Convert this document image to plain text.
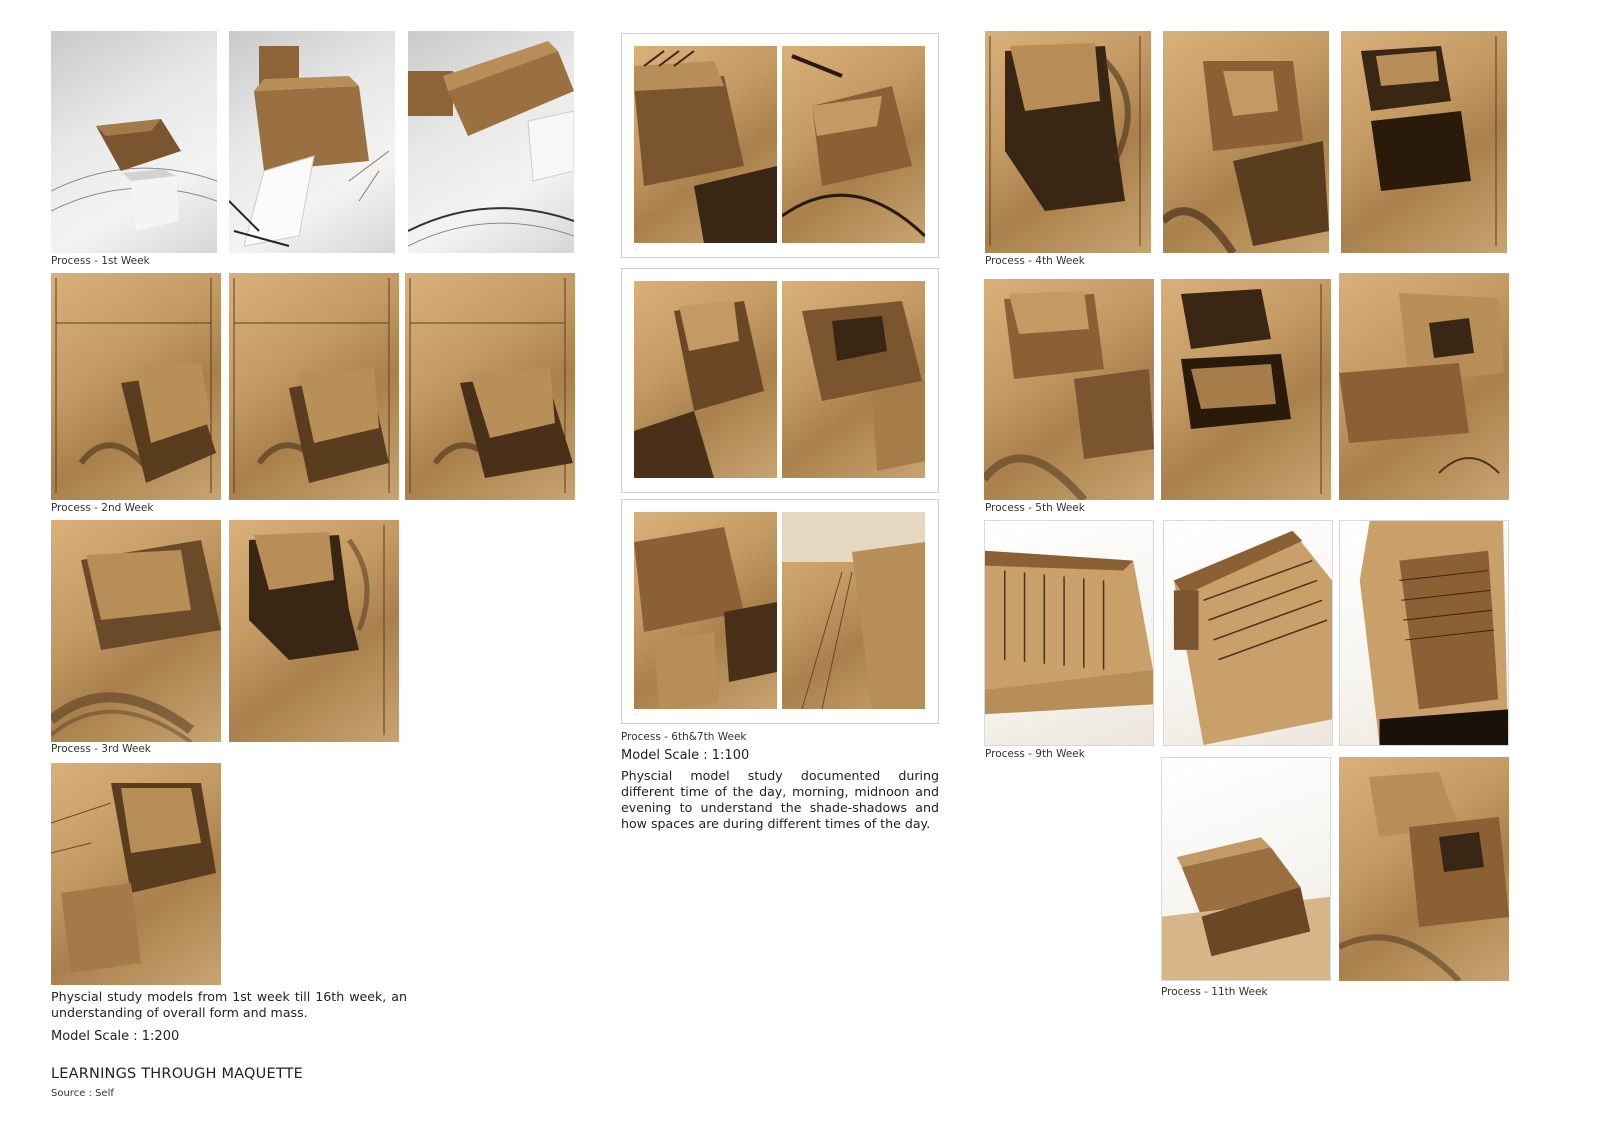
Process - 1st Week
Process - 2nd Week
Process - 3rd Week
Physcial study models from 1st week till 16th week, an understanding of overall form and mass.
Model Scale : 1:200
LEARNINGS THROUGH MAQUETTE
Source : Self
·
·
Process - 6th&7th Week
Model Scale : 1:100
Physcial model study documented during different time of the day, morning, midnoon and evening to understand the shade-shadows and how spaces are during different times of the day.
Process - 4th Week
Process - 5th Week
Process - 9th Week
Process - 11th Week
